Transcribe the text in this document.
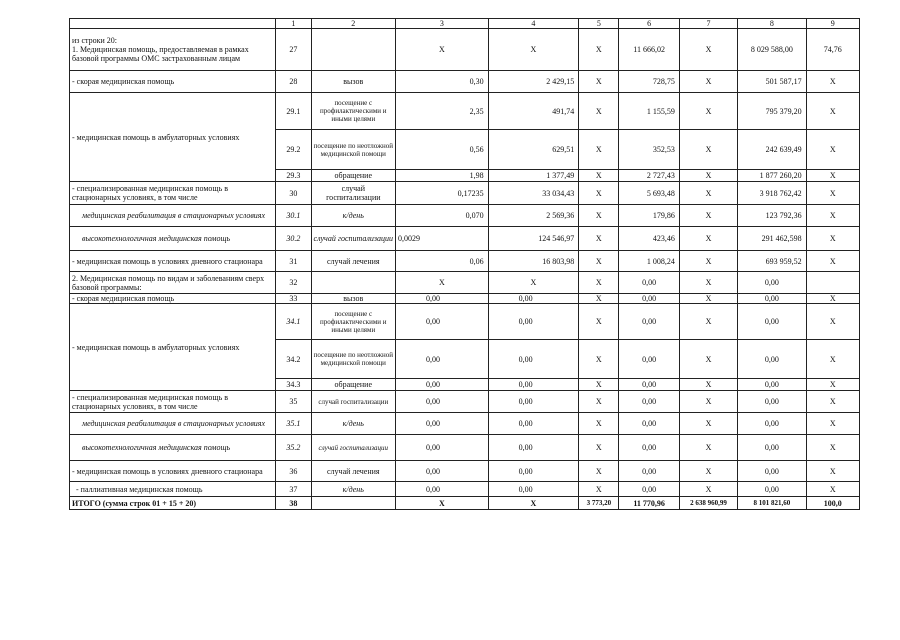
	1	2	3	4	5	6	7	8	9
из строки 20:
1. Медицинская помощь, предоставляемая в рамках базовой программы ОМС застрахованным лицам	27		Х	Х	Х	11 666,02	Х	8 029 588,00	74,76
- скорая медицинская помощь	28	вызов	0,30	2 429,15	Х	728,75	Х	501 587,17	Х
- медицинская помощь в амбулаторных условиях	29.1	посещение с профилактическими и иными целями	2,35	491,74	Х	1 155,59	Х	795 379,20	Х
	29.2	посещение по неотложной медицинской помощи	0,56	629,51	Х	352,53	Х	242 639,49	Х
	29.3	обращение	1,98	1 377,49	Х	2 727,43	Х	1 877 260,20	Х
- специализированная медицинская помощь в стационарных условиях, в том числе	30	случай госпитализации	0,17235	33 034,43	Х	5 693,48	Х	3 918 762,42	Х
медицинская реабилитация в стационарных условиях	30.1	к/день	0,070	2 569,36	Х	179,86	Х	123 792,36	Х
высокотехнологичная медицинская помощь	30.2	случай госпитализации	0,0029	124 546,97	Х	423,46	Х	291 462,598	Х
- медицинская помощь в условиях дневного стационара	31	случай лечения	0,06	16 803,98	Х	1 008,24	Х	693 959,52	Х
2. Медицинская помощь по видам и заболеваниям сверх базовой программы:	32		Х	Х	Х	0,00	Х	0,00	
- скорая медицинская помощь	33	вызов	0,00	0,00	Х	0,00	Х	0,00	Х
- медицинская помощь в амбулаторных условиях	34.1	посещение с профилактическими и иными целями	0,00	0,00	Х	0,00	Х	0,00	Х
	34.2	посещение по неотложной медицинской помощи	0,00	0,00	Х	0,00	Х	0,00	Х
	34.3	обращение	0,00	0,00	Х	0,00	Х	0,00	Х
- специализированная медицинская помощь в стационарных условиях, в том числе	35	случай госпитализации	0,00	0,00	Х	0,00	Х	0,00	Х
медицинская реабилитация в стационарных условиях	35.1	к/день	0,00	0,00	Х	0,00	Х	0,00	Х
высокотехнологичная медицинская помощь	35.2	случай госпитализации	0,00	0,00	Х	0,00	Х	0,00	Х
- медицинская помощь в условиях дневного стационара	36	случай лечения	0,00	0,00	Х	0,00	Х	0,00	Х
- паллиативная медицинская помощь	37	к/день	0,00	0,00	Х	0,00	Х	0,00	Х
ИТОГО (сумма строк 01 + 15 + 20)	38		Х	Х	3 773,20	11 770,96	2 638 960,99	8 101 821,60	100,0
